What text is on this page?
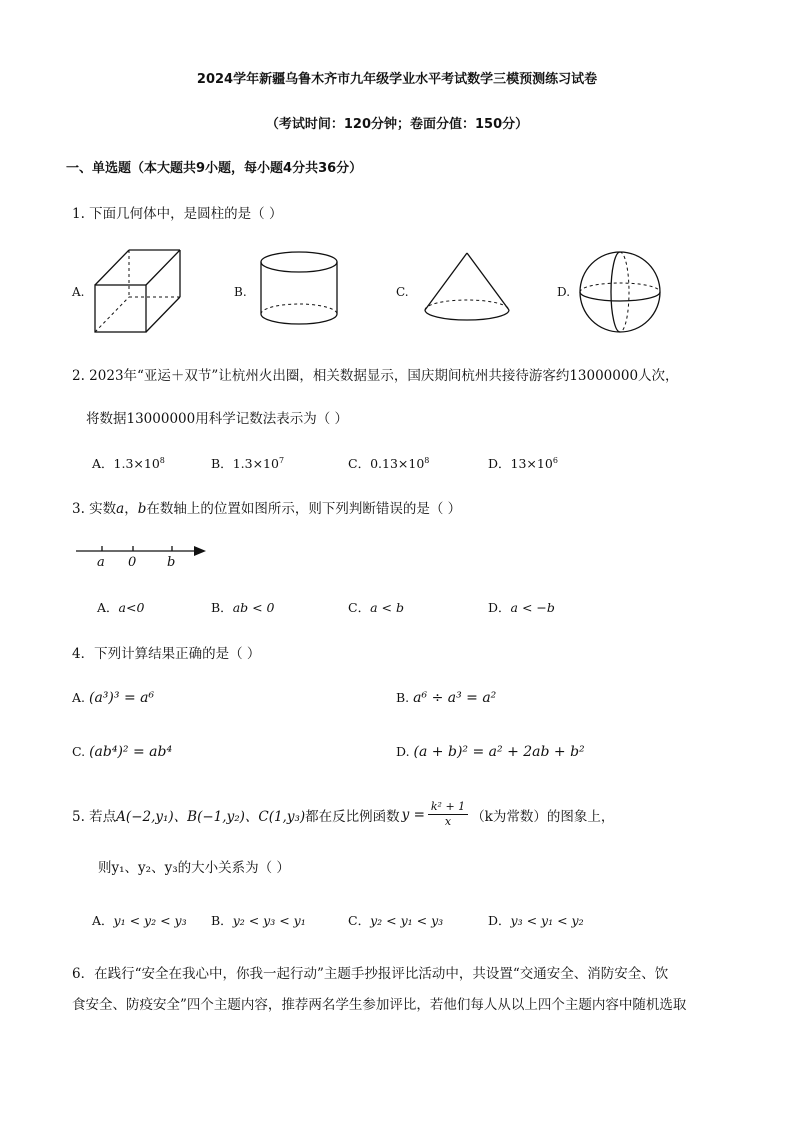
2024学年新疆乌鲁木齐市九年级学业水平考试数学三模预测练习试卷
（考试时间：120分钟；卷面分值：150分）
一、单选题（本大题共9小题，每小题4分共36分）
1. 下面几何体中，是圆柱的是（ ）
A.	B.	C.	D.
2. 2023年“亚运＋双节”让杭州火出圈，相关数据显示，国庆期间杭州共接待游客约13000000人次，
将数据13000000用科学记数法表示为（ ）
A．$1.3\times 10^8$	B．$1.3\times 10^7$	C．$0.13\times 10^8$	D．$13\times 10^6$
3. 实数a，b在数轴上的位置如图所示，则下列判断错误的是（ ）
a 0 b
A．a<0	B．ab < 0	C．a < b	D．a < −b
4．下列计算结果正确的是（ ）
A. (a³)³ = a⁶	B. a⁶ ÷ a³ = a²
C. (ab⁴)² = ab⁴	D. (a + b)² = a² + 2ab + b²
5. 若点 A(−2,y₁)、B(−1,y₂)、C(1,y₃) 都在反比例函数 $y = \frac{\text{k² + 1}}{x} (k$为常数）的图象上，
则y₁、y₂、y₃的大小关系为（ ）
A．y₁ < y₂ < y₃ B．y₂ < y₃ < y₁	C．y₂ < y₁ < y₃	D．y₃ < y₁ < y₂
6．在践行“安全在我心中，你我一起行动”主题手抄报评比活动中，共设置“交通安全、消防安全、饮
食安全、防疫安全”四个主题内容，推荐两名学生参加评比，若他们每人从以上四个主题内容中随机选取
